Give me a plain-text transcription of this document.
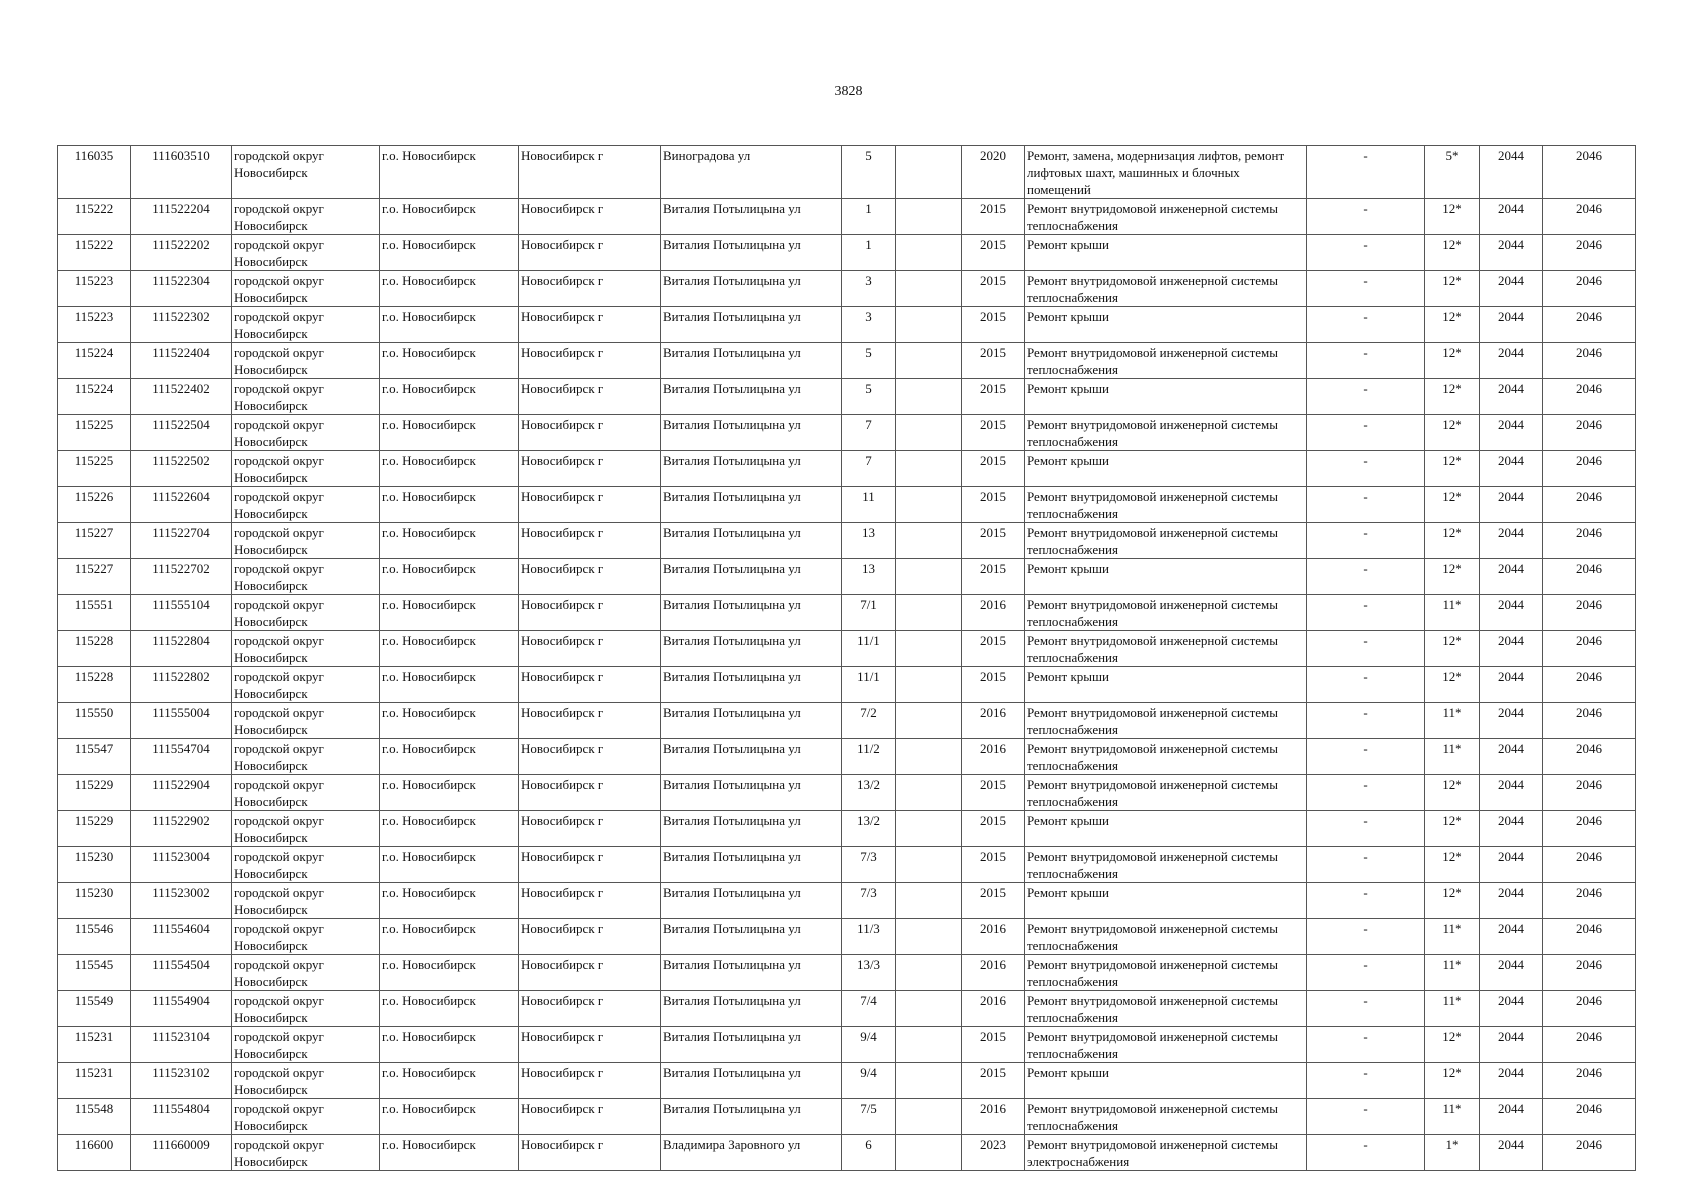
3828
116035	111603510	городской округ Новосибирск	г.о. Новосибирск	Новосибирск г	Виноградова ул	5		2020	Ремонт, замена, модернизация лифтов, ремонт лифтовых шахт, машинных и блочных помещений	-	5*	2044	2046
115222	111522204	городской округ Новосибирск	г.о. Новосибирск	Новосибирск г	Виталия Потылицына ул	1		2015	Ремонт внутридомовой инженерной системы теплоснабжения	-	12*	2044	2046
115222	111522202	городской округ Новосибирск	г.о. Новосибирск	Новосибирск г	Виталия Потылицына ул	1		2015	Ремонт крыши	-	12*	2044	2046
115223	111522304	городской округ Новосибирск	г.о. Новосибирск	Новосибирск г	Виталия Потылицына ул	3		2015	Ремонт внутридомовой инженерной системы теплоснабжения	-	12*	2044	2046
115223	111522302	городской округ Новосибирск	г.о. Новосибирск	Новосибирск г	Виталия Потылицына ул	3		2015	Ремонт крыши	-	12*	2044	2046
115224	111522404	городской округ Новосибирск	г.о. Новосибирск	Новосибирск г	Виталия Потылицына ул	5		2015	Ремонт внутридомовой инженерной системы теплоснабжения	-	12*	2044	2046
115224	111522402	городской округ Новосибирск	г.о. Новосибирск	Новосибирск г	Виталия Потылицына ул	5		2015	Ремонт крыши	-	12*	2044	2046
115225	111522504	городской округ Новосибирск	г.о. Новосибирск	Новосибирск г	Виталия Потылицына ул	7		2015	Ремонт внутридомовой инженерной системы теплоснабжения	-	12*	2044	2046
115225	111522502	городской округ Новосибирск	г.о. Новосибирск	Новосибирск г	Виталия Потылицына ул	7		2015	Ремонт крыши	-	12*	2044	2046
115226	111522604	городской округ Новосибирск	г.о. Новосибирск	Новосибирск г	Виталия Потылицына ул	11		2015	Ремонт внутридомовой инженерной системы теплоснабжения	-	12*	2044	2046
115227	111522704	городской округ Новосибирск	г.о. Новосибирск	Новосибирск г	Виталия Потылицына ул	13		2015	Ремонт внутридомовой инженерной системы теплоснабжения	-	12*	2044	2046
115227	111522702	городской округ Новосибирск	г.о. Новосибирск	Новосибирск г	Виталия Потылицына ул	13		2015	Ремонт крыши	-	12*	2044	2046
115551	111555104	городской округ Новосибирск	г.о. Новосибирск	Новосибирск г	Виталия Потылицына ул	7/1		2016	Ремонт внутридомовой инженерной системы теплоснабжения	-	11*	2044	2046
115228	111522804	городской округ Новосибирск	г.о. Новосибирск	Новосибирск г	Виталия Потылицына ул	11/1		2015	Ремонт внутридомовой инженерной системы теплоснабжения	-	12*	2044	2046
115228	111522802	городской округ Новосибирск	г.о. Новосибирск	Новосибирск г	Виталия Потылицына ул	11/1		2015	Ремонт крыши	-	12*	2044	2046
115550	111555004	городской округ Новосибирск	г.о. Новосибирск	Новосибирск г	Виталия Потылицына ул	7/2		2016	Ремонт внутридомовой инженерной системы теплоснабжения	-	11*	2044	2046
115547	111554704	городской округ Новосибирск	г.о. Новосибирск	Новосибирск г	Виталия Потылицына ул	11/2		2016	Ремонт внутридомовой инженерной системы теплоснабжения	-	11*	2044	2046
115229	111522904	городской округ Новосибирск	г.о. Новосибирск	Новосибирск г	Виталия Потылицына ул	13/2		2015	Ремонт внутридомовой инженерной системы теплоснабжения	-	12*	2044	2046
115229	111522902	городской округ Новосибирск	г.о. Новосибирск	Новосибирск г	Виталия Потылицына ул	13/2		2015	Ремонт крыши	-	12*	2044	2046
115230	111523004	городской округ Новосибирск	г.о. Новосибирск	Новосибирск г	Виталия Потылицына ул	7/3		2015	Ремонт внутридомовой инженерной системы теплоснабжения	-	12*	2044	2046
115230	111523002	городской округ Новосибирск	г.о. Новосибирск	Новосибирск г	Виталия Потылицына ул	7/3		2015	Ремонт крыши	-	12*	2044	2046
115546	111554604	городской округ Новосибирск	г.о. Новосибирск	Новосибирск г	Виталия Потылицына ул	11/3		2016	Ремонт внутридомовой инженерной системы теплоснабжения	-	11*	2044	2046
115545	111554504	городской округ Новосибирск	г.о. Новосибирск	Новосибирск г	Виталия Потылицына ул	13/3		2016	Ремонт внутридомовой инженерной системы теплоснабжения	-	11*	2044	2046
115549	111554904	городской округ Новосибирск	г.о. Новосибирск	Новосибирск г	Виталия Потылицына ул	7/4		2016	Ремонт внутридомовой инженерной системы теплоснабжения	-	11*	2044	2046
115231	111523104	городской округ Новосибирск	г.о. Новосибирск	Новосибирск г	Виталия Потылицына ул	9/4		2015	Ремонт внутридомовой инженерной системы теплоснабжения	-	12*	2044	2046
115231	111523102	городской округ Новосибирск	г.о. Новосибирск	Новосибирск г	Виталия Потылицына ул	9/4		2015	Ремонт крыши	-	12*	2044	2046
115548	111554804	городской округ Новосибирск	г.о. Новосибирск	Новосибирск г	Виталия Потылицына ул	7/5		2016	Ремонт внутридомовой инженерной системы теплоснабжения	-	11*	2044	2046
116600	111660009	городской округ Новосибирск	г.о. Новосибирск	Новосибирск г	Владимира Заровного ул	6		2023	Ремонт внутридомовой инженерной системы электроснабжения	-	1*	2044	2046
